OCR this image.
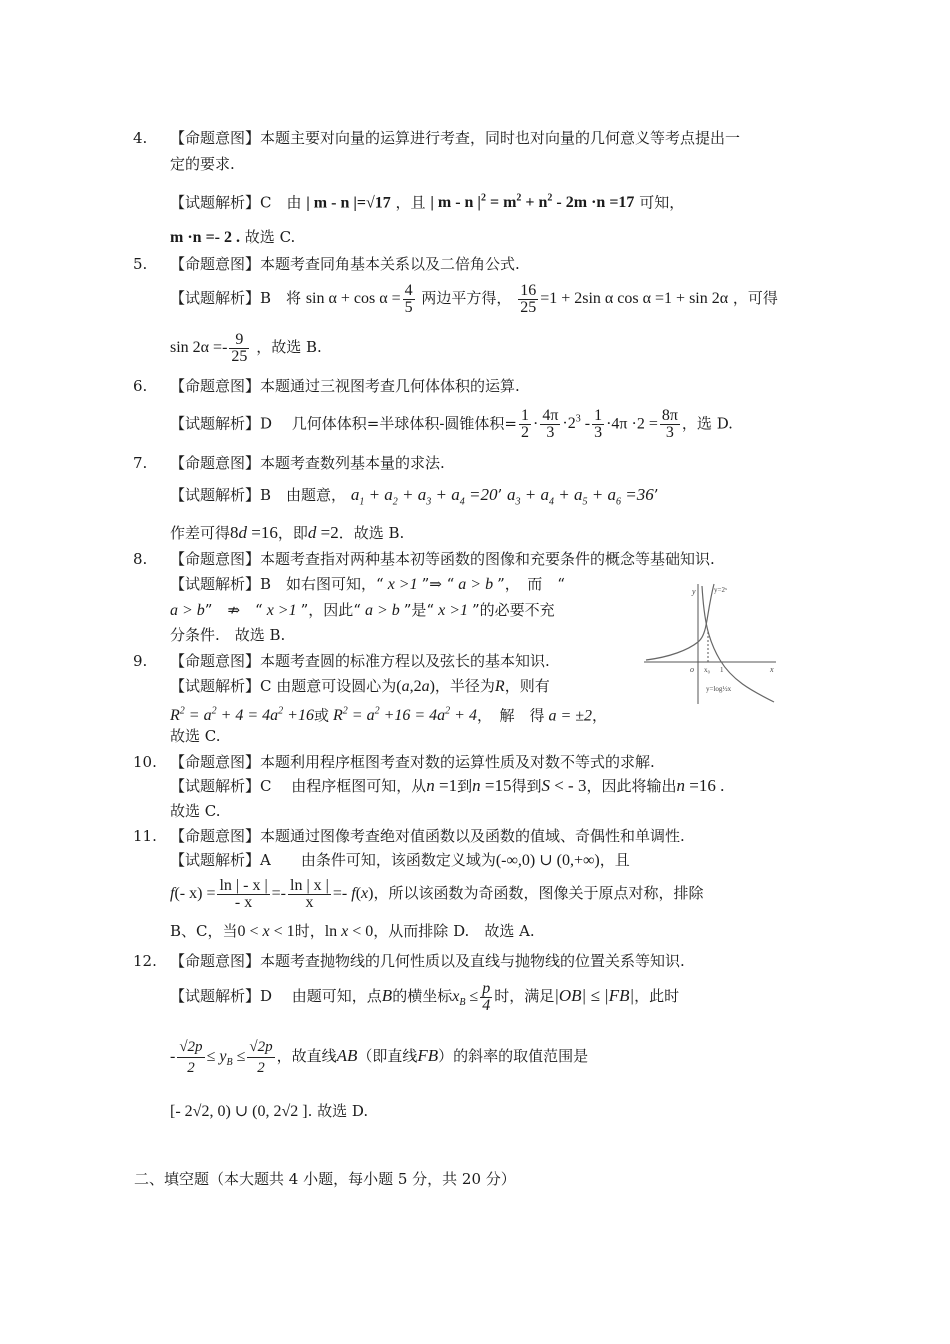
4. 【命题意图】本题主要对向量的运算进行考查，同时也对向量的几何意义等考点提出一
定的要求.
【试题解析】C　由 | m - n |=√17 ，且 | m - n $|^2 = m^2 + n^2 - 2m \cdot n =17$ 可知，
m ·n =- 2 . 故选 C.
5. 【命题意图】本题考查同角基本关系以及二倍角公式.
【试题解析】B　将 $\sin \alpha + \cos \alpha = \frac{4}{5}$ 两边平方得， $\frac{16}{25} =1 + 2\sin$ α cos α =1 + sin 2α ，可得
$\sin 2\alpha =- \frac{9}{25}$ ，故选 B.
6. 【命题意图】本题通过三视图考查几何体体积的运算.
【试题解析】D　 几何体体积=半球体积-圆锥体积= $\frac{1}{2} \cdot \frac{4\pi}{3} \cdot 2^3 - \frac{1}{3} \cdot 4\pi \cdot 2 = \frac{8\pi}{3}$ ，选 D.
7. 【命题意图】本题考查数列基本量的求法.
【试题解析】B　由题意， $a_1 + a_2 + a_3 + a_4 =20$’ $a_3 + a_4 + a_5 + a_6 =36$’
作差可得8d =16，即d =2．故选 B.
8. 【命题意图】本题考查指对两种基本初等函数的图像和充要条件的概念等基础知识.
【试题解析】B　如右图可知，“ x >1 ”⇒ “ a > b ”，　而　“
a > b”　⇏　“ x >1 ”，因此“ a > b ”是“ x >1 ”的必要不充
分条件.　故选 B.
y
x
o x₀ 1
y=2ˣ
y=log½x
9. 【命题意图】本题考查圆的标准方程以及弦长的基本知识.
【试题解析】C 由题意可设圆心为(a,2a)，半径为R，则有
$R^2 = a^2 + 4 = 4a^2 +16$或 $R^2 = a^2 +16 = 4a^2 + 4$，　解　得 a = ±2，
故选 C.
10. 【命题意图】本题利用程序框图考查对数的运算性质及对数不等式的求解.
【试题解析】C　 由程序框图可知，从n =1到n =15得到S < - 3，因此将输出n =16 .
故选 C.
11. 【命题意图】本题通过图像考查绝对值函数以及函数的值域、奇偶性和单调性.
【试题解析】A　　由条件可知，该函数定义域为(-∞,0) ∪ (0,+∞)，且
f(- $x) = \frac{\ln | - x |}{- x} =- \frac{\ln | x |}{x} =- f(x)$，所以该函数为奇函数，图像关于原点对称，排除
B、C，当0 < x < 1时，ln x < 0，从而排除 D.　故选 A.
12. 【命题意图】本题考查抛物线的几何性质以及直线与抛物线的位置关系等知识.
【试题解析】D　 由题可知，点B的横坐标$x_B \le \frac{p}{4}$ 时，满足|OB| ≤ |FB|，此时
- $\frac{√2p}{2} \le y_B \le \frac{√2p}{2}$ ，故直线AB（即直线FB）的斜率的取值范围是
[- 2√2, 0) ∪ (0, 2√2 ]. 故选 D.
二、填空题（本大题共 4 小题，每小题 5 分，共 20 分）
